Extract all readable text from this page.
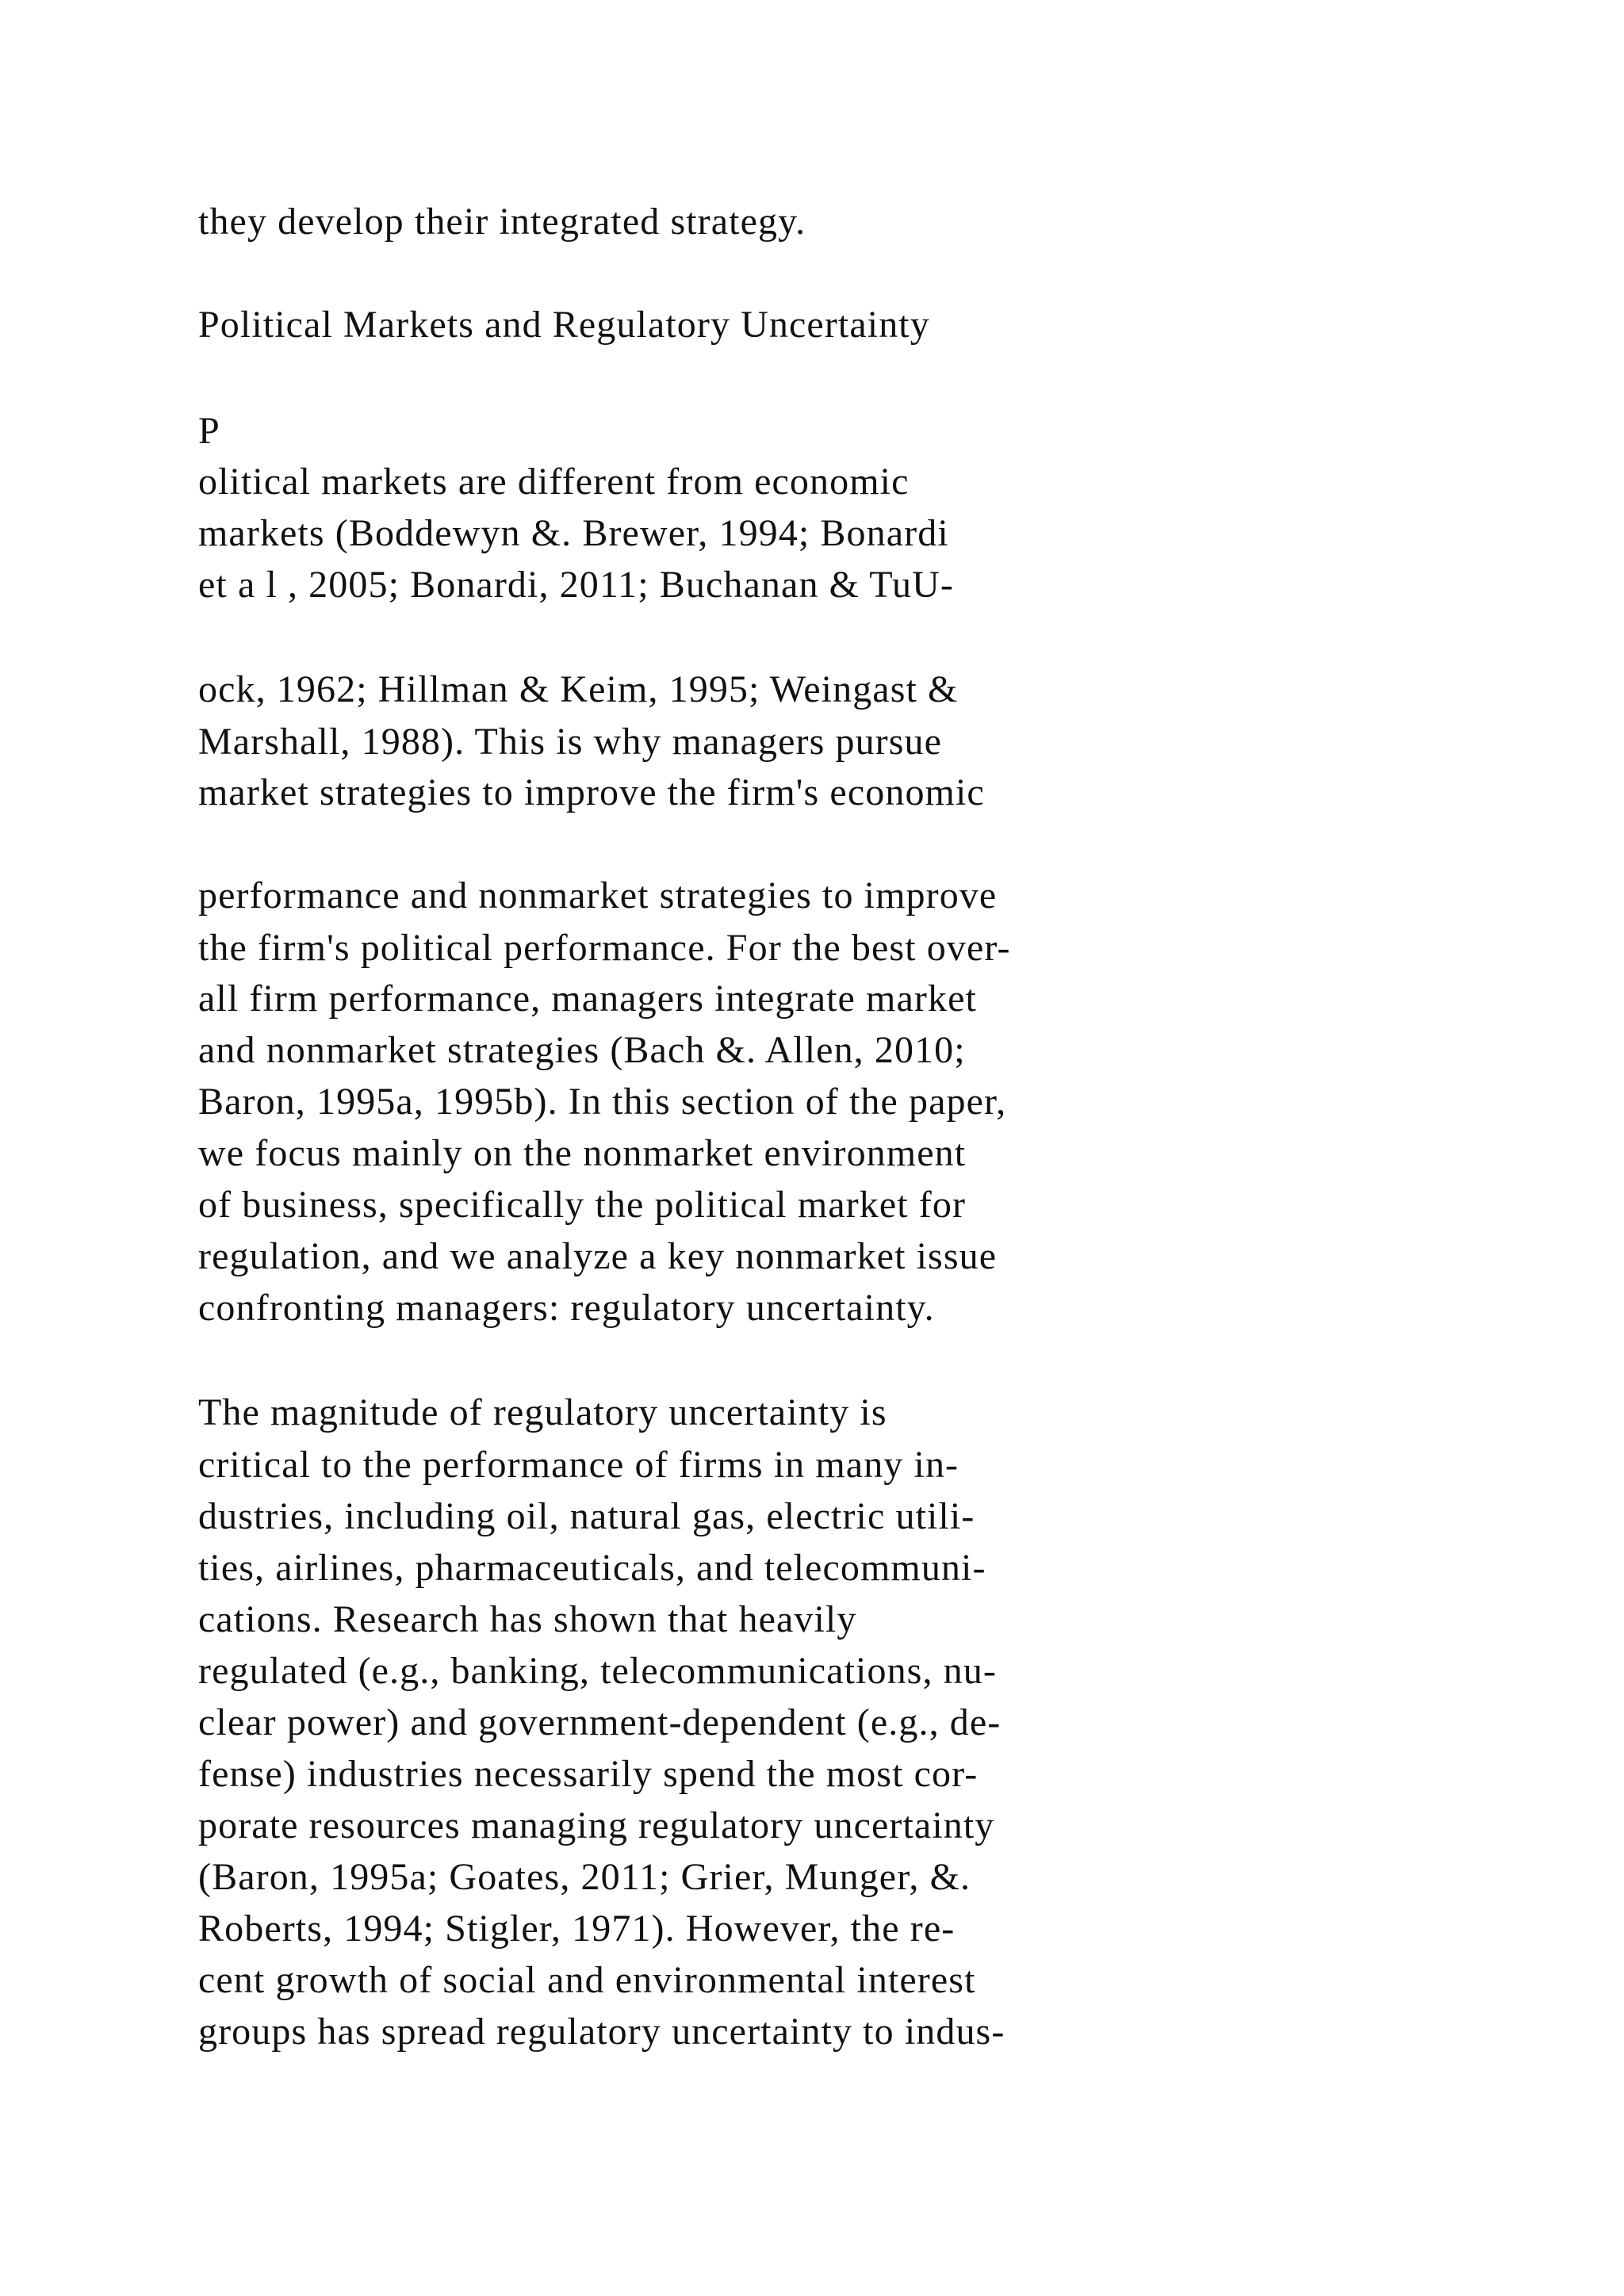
they develop their integrated strategy.
Political Markets and Regulatory Uncertainty
P
olitical markets are different from economic
markets (Boddewyn &. Brewer, 1994; Bonardi
et a l , 2005; Bonardi, 2011; Buchanan & TuU-
ock, 1962; Hillman & Keim, 1995; Weingast &
Marshall, 1988). This is why managers pursue
market strategies to improve the firm's economic
performance and nonmarket strategies to improve
the firm's political performance. For the best over-
all firm performance, managers integrate market
and nonmarket strategies (Bach &. Allen, 2010;
Baron, 1995a, 1995b). In this section of the paper,
we focus mainly on the nonmarket environment
of business, specifically the political market for
regulation, and we analyze a key nonmarket issue
confronting managers: regulatory uncertainty.
The magnitude of regulatory uncertainty is
critical to the performance of firms in many in-
dustries, including oil, natural gas, electric utili-
ties, airlines, pharmaceuticals, and telecommuni-
cations. Research has shown that heavily
regulated (e.g., banking, telecommunications, nu-
clear power) and government-dependent (e.g., de-
fense) industries necessarily spend the most cor-
porate resources managing regulatory uncertainty
(Baron, 1995a; Goates, 2011; Grier, Munger, &.
Roberts, 1994; Stigler, 1971). However, the re-
cent growth of social and environmental interest
groups has spread regulatory uncertainty to indus-
